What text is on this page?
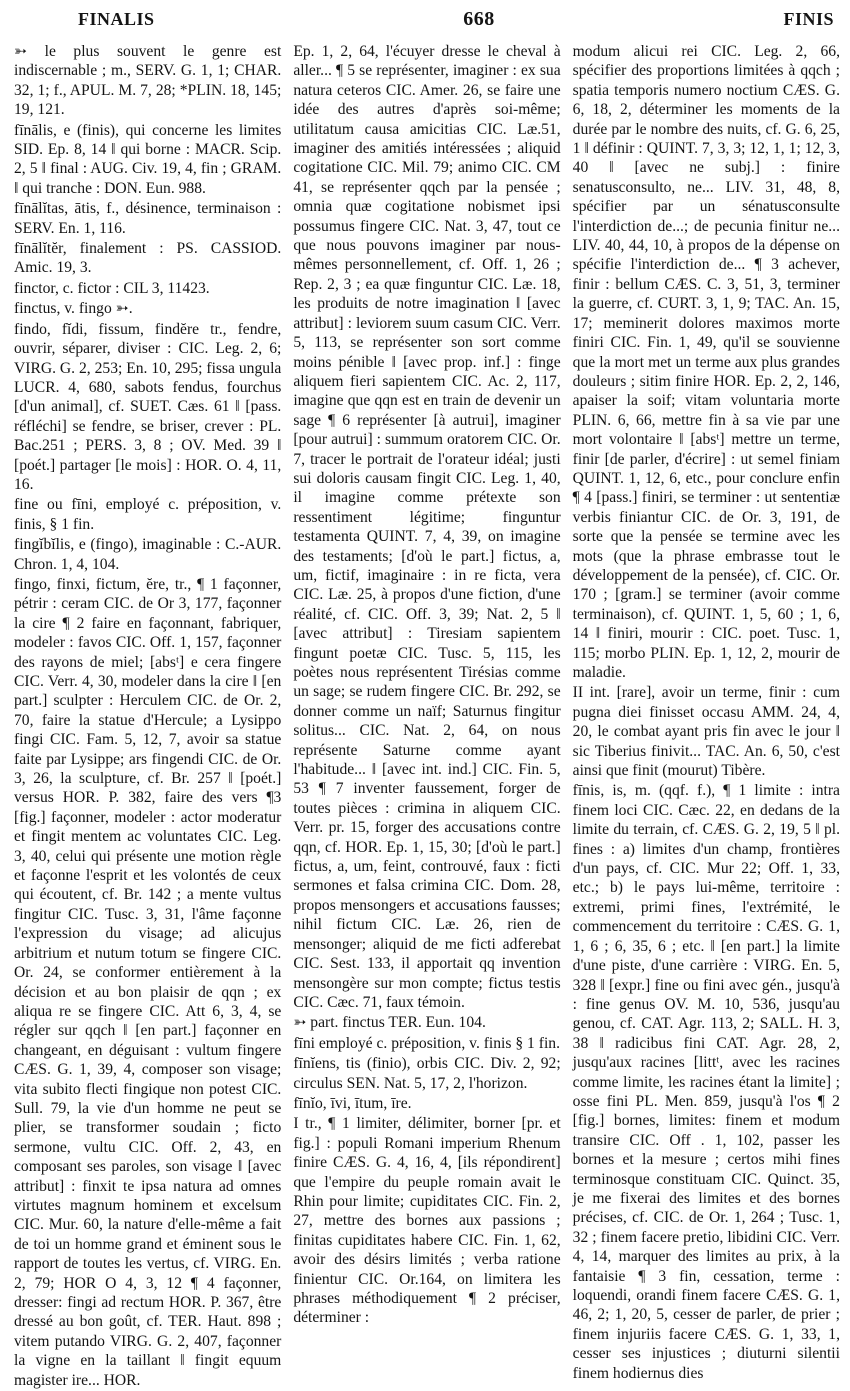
FINALIS	668	FINIS

➳ le plus souvent le genre est indiscernable ; m., SERV. G. 1, 1; CHAR. 32, 1; f., APUL. M. 7, 28; *PLIN. 18, 145; 19, 121.

fīnālis, e (finis), qui concerne les limites SID. Ep. 8, 14 ‖ qui borne : MACR. Scip. 2, 5 ‖ final : AUG. Civ. 19, 4, fin ; GRAM. ‖ qui tranche : DON. Eun. 988.

fīnālĭtas, ātis, f., désinence, terminaison : SERV. En. 1, 116.

fīnālĭtĕr, finalement : PS. CASSIOD. Amic. 19, 3.

finctor, c. fictor : CIL 3, 11423.

finctus, v. fingo ➳.

findo, fĭdi, fissum, findĕre tr., fendre, ouvrir, séparer, diviser : CIC. Leg. 2, 6; VIRG. G. 2, 253; En. 10, 295; fissa ungula LUCR. 4, 680, sabots fendus, fourchus [d'un animal], cf. SUET. Cæs. 61 ‖ [pass. réfléchi] se fendre, se briser, crever : PL. Bac.251 ; PERS. 3, 8 ; OV. Med. 39 ‖ [poét.] partager [le mois] : HOR. O. 4, 11, 16.

fine ou fīni, employé c. préposition, v. finis, § 1 fin.

fingĭbĭlis, e (fingo), imaginable : C.-AUR. Chron. 1, 4, 104.

fingo, finxi, fictum, ĕre, tr., ¶ 1 façonner, pétrir : ceram CIC. de Or 3, 177, façonner la cire ¶ 2 faire en façonnant, fabriquer, modeler : favos CIC. Off. 1, 157, façonner des rayons de miel; [absᵗ] e cera fingere CIC. Verr. 4, 30, modeler dans la cire ‖ [en part.] sculpter : Herculem CIC. de Or. 2, 70, faire la statue d'Hercule; a Lysippo fingi CIC. Fam. 5, 12, 7, avoir sa statue faite par Lysippe; ars fingendi CIC. de Or. 3, 26, la sculpture, cf. Br. 257 ‖ [poét.] versus HOR. P. 382, faire des vers ¶3 [fig.] façonner, modeler : actor moderatur et fingit mentem ac voluntates CIC. Leg. 3, 40, celui qui présente une motion règle et façonne l'esprit et les volontés de ceux qui écoutent, cf. Br. 142 ; a mente vultus fingitur CIC. Tusc. 3, 31, l'âme façonne l'expression du visage; ad alicujus arbitrium et nutum totum se fingere CIC. Or. 24, se conformer entièrement à la décision et au bon plaisir de qqn ; ex aliqua re se fingere CIC. Att 6, 3, 4, se régler sur qqch ‖ [en part.] façonner en changeant, en déguisant : vultum fingere CÆS. G. 1, 39, 4, composer son visage; vita subito flecti fingique non potest CIC. Sull. 79, la vie d'un homme ne peut se plier, se transformer soudain ; ficto sermone, vultu CIC. Off. 2, 43, en composant ses paroles, son visage ‖ [avec attribut] : finxit te ipsa natura ad omnes virtutes magnum hominem et excelsum CIC. Mur. 60, la nature d'elle-même a fait de toi un homme grand et éminent sous le rapport de toutes les vertus, cf. VIRG. En. 2, 79; HOR O 4, 3, 12 ¶ 4 façonner, dresser: fingi ad rectum HOR. P. 367, être dressé au bon goût, cf. TER. Haut. 898 ; vitem putando VIRG. G. 2, 407, façonner la vigne en la taillant ‖ fingit equum magister ire... HOR.

Ep. 1, 2, 64, l'écuyer dresse le cheval à aller... ¶ 5 se représenter, imaginer : ex sua natura ceteros CIC. Amer. 26, se faire une idée des autres d'après soi-même; utilitatum causa amicitias CIC. Læ.51, imaginer des amitiés intéressées ; aliquid cogitatione CIC. Mil. 79; animo CIC. CM 41, se représenter qqch par la pensée ; omnia quæ cogitatione nobismet ipsi possumus fingere CIC. Nat. 3, 47, tout ce que nous pouvons imaginer par nous-mêmes personnellement, cf. Off. 1, 26 ; Rep. 2, 3 ; ea quæ finguntur CIC. Læ. 18, les produits de notre imagination ‖ [avec attribut] : leviorem suum casum CIC. Verr. 5, 113, se représenter son sort comme moins pénible ‖ [avec prop. inf.] : finge aliquem fieri sapientem CIC. Ac. 2, 117, imagine que qqn est en train de devenir un sage ¶ 6 représenter [à autrui], imaginer [pour autrui] : summum oratorem CIC. Or. 7, tracer le portrait de l'orateur idéal; justi sui doloris causam fingit CIC. Leg. 1, 40, il imagine comme prétexte son ressentiment légitime; finguntur testamenta QUINT. 7, 4, 39, on imagine des testaments; [d'où le part.] fictus, a, um, fictif, imaginaire : in re ficta, vera CIC. Læ. 25, à propos d'une fiction, d'une réalité, cf. CIC. Off. 3, 39; Nat. 2, 5 ‖ [avec attribut] : Tiresiam sapientem fingunt poetæ CIC. Tusc. 5, 115, les poètes nous représentent Tirésias comme un sage; se rudem fingere CIC. Br. 292, se donner comme un naïf; Saturnus fingitur solitus... CIC. Nat. 2, 64, on nous représente Saturne comme ayant l'habitude... ‖ [avec int. ind.] CIC. Fin. 5, 53 ¶ 7 inventer faussement, forger de toutes pièces : crimina in aliquem CIC. Verr. pr. 15, forger des accusations contre qqn, cf. HOR. Ep. 1, 15, 30; [d'où le part.] fictus, a, um, feint, controuvé, faux : ficti sermones et falsa crimina CIC. Dom. 28, propos mensongers et accusations fausses; nihil fictum CIC. Læ. 26, rien de mensonger; aliquid de me ficti adferebat CIC. Sest. 133, il apportait qq invention mensongère sur mon compte; fictus testis CIC. Cæc. 71, faux témoin.

➳ part. finctus TER. Eun. 104.

fīni employé c. préposition, v. finis § 1 fin.

fīnĭens, tis (finio), orbis CIC. Div. 2, 92; circulus SEN. Nat. 5, 17, 2, l'horizon.

fīnĭo, īvi, ītum, īre.

I tr., ¶ 1 limiter, délimiter, borner [pr. et fig.] : populi Romani imperium Rhenum finire CÆS. G. 4, 16, 4, [ils répondirent] que l'empire du peuple romain avait le Rhin pour limite; cupiditates CIC. Fin. 2, 27, mettre des bornes aux passions ; finitas cupiditates habere CIC. Fin. 1, 62, avoir des désirs limités ; verba ratione finientur CIC. Or.164, on limitera les phrases méthodiquement ¶ 2 préciser, déterminer :

modum alicui rei CIC. Leg. 2, 66, spécifier des proportions limitées à qqch ; spatia temporis numero noctium CÆS. G. 6, 18, 2, déterminer les moments de la durée par le nombre des nuits, cf. G. 6, 25, 1 ‖ définir : QUINT. 7, 3, 3; 12, 1, 1; 12, 3, 40 ‖ [avec ne subj.] : finire senatusconsulto, ne... LIV. 31, 48, 8, spécifier par un sénatusconsulte l'interdiction de...; de pecunia finitur ne... LIV. 40, 44, 10, à propos de la dépense on spécifie l'interdiction de... ¶ 3 achever, finir : bellum CÆS. C. 3, 51, 3, terminer la guerre, cf. CURT. 3, 1, 9; TAC. An. 15, 17; meminerit dolores maximos morte finiri CIC. Fin. 1, 49, qu'il se souvienne que la mort met un terme aux plus grandes douleurs ; sitim finire HOR. Ep. 2, 2, 146, apaiser la soif; vitam voluntaria morte PLIN. 6, 66, mettre fin à sa vie par une mort volontaire ‖ [absᵗ] mettre un terme, finir [de parler, d'écrire] : ut semel finiam QUINT. 1, 12, 6, etc., pour conclure enfin ¶ 4 [pass.] finiri, se terminer : ut sententiæ verbis finiantur CIC. de Or. 3, 191, de sorte que la pensée se termine avec les mots (que la phrase embrasse tout le développement de la pensée), cf. CIC. Or. 170 ; [gram.] se terminer (avoir comme terminaison), cf. QUINT. 1, 5, 60 ; 1, 6, 14 ‖ finiri, mourir : CIC. poet. Tusc. 1, 115; morbo PLIN. Ep. 1, 12, 2, mourir de maladie.

II int. [rare], avoir un terme, finir : cum pugna diei finisset occasu AMM. 24, 4, 20, le combat ayant pris fin avec le jour ‖ sic Tiberius finivit... TAC. An. 6, 50, c'est ainsi que finit (mourut) Tibère.

fīnis, is, m. (qqf. f.), ¶ 1 limite : intra finem loci CIC. Cæc. 22, en dedans de la limite du terrain, cf. CÆS. G. 2, 19, 5 ‖ pl. fines : a) limites d'un champ, frontières d'un pays, cf. CIC. Mur 22; Off. 1, 33, etc.; b) le pays lui-même, territoire : extremi, primi fines, l'extrémité, le commencement du territoire : CÆS. G. 1, 1, 6 ; 6, 35, 6 ; etc. ‖ [en part.] la limite d'une piste, d'une carrière : VIRG. En. 5, 328 ‖ [expr.] fine ou fini avec gén., jusqu'à : fine genus OV. M. 10, 536, jusqu'au genou, cf. CAT. Agr. 113, 2; SALL. H. 3, 38 ‖ radicibus fini CAT. Agr. 28, 2, jusqu'aux racines [littᵗ, avec les racines comme limite, les racines étant la limite] ; osse fini PL. Men. 859, jusqu'à l'os ¶ 2 [fig.] bornes, limites: finem et modum transire CIC. Off . 1, 102, passer les bornes et la mesure ; certos mihi fines terminosque constituam CIC. Quinct. 35, je me fixerai des limites et des bornes précises, cf. CIC. de Or. 1, 264 ; Tusc. 1, 32 ; finem facere pretio, libidini CIC. Verr. 4, 14, marquer des limites au prix, à la fantaisie ¶ 3 fin, cessation, terme : loquendi, orandi finem facere CÆS. G. 1, 46, 2; 1, 20, 5, cesser de parler, de prier ; finem injuriis facere CÆS. G. 1, 33, 1, cesser ses injustices ; diuturni silentii finem hodiernus dies
